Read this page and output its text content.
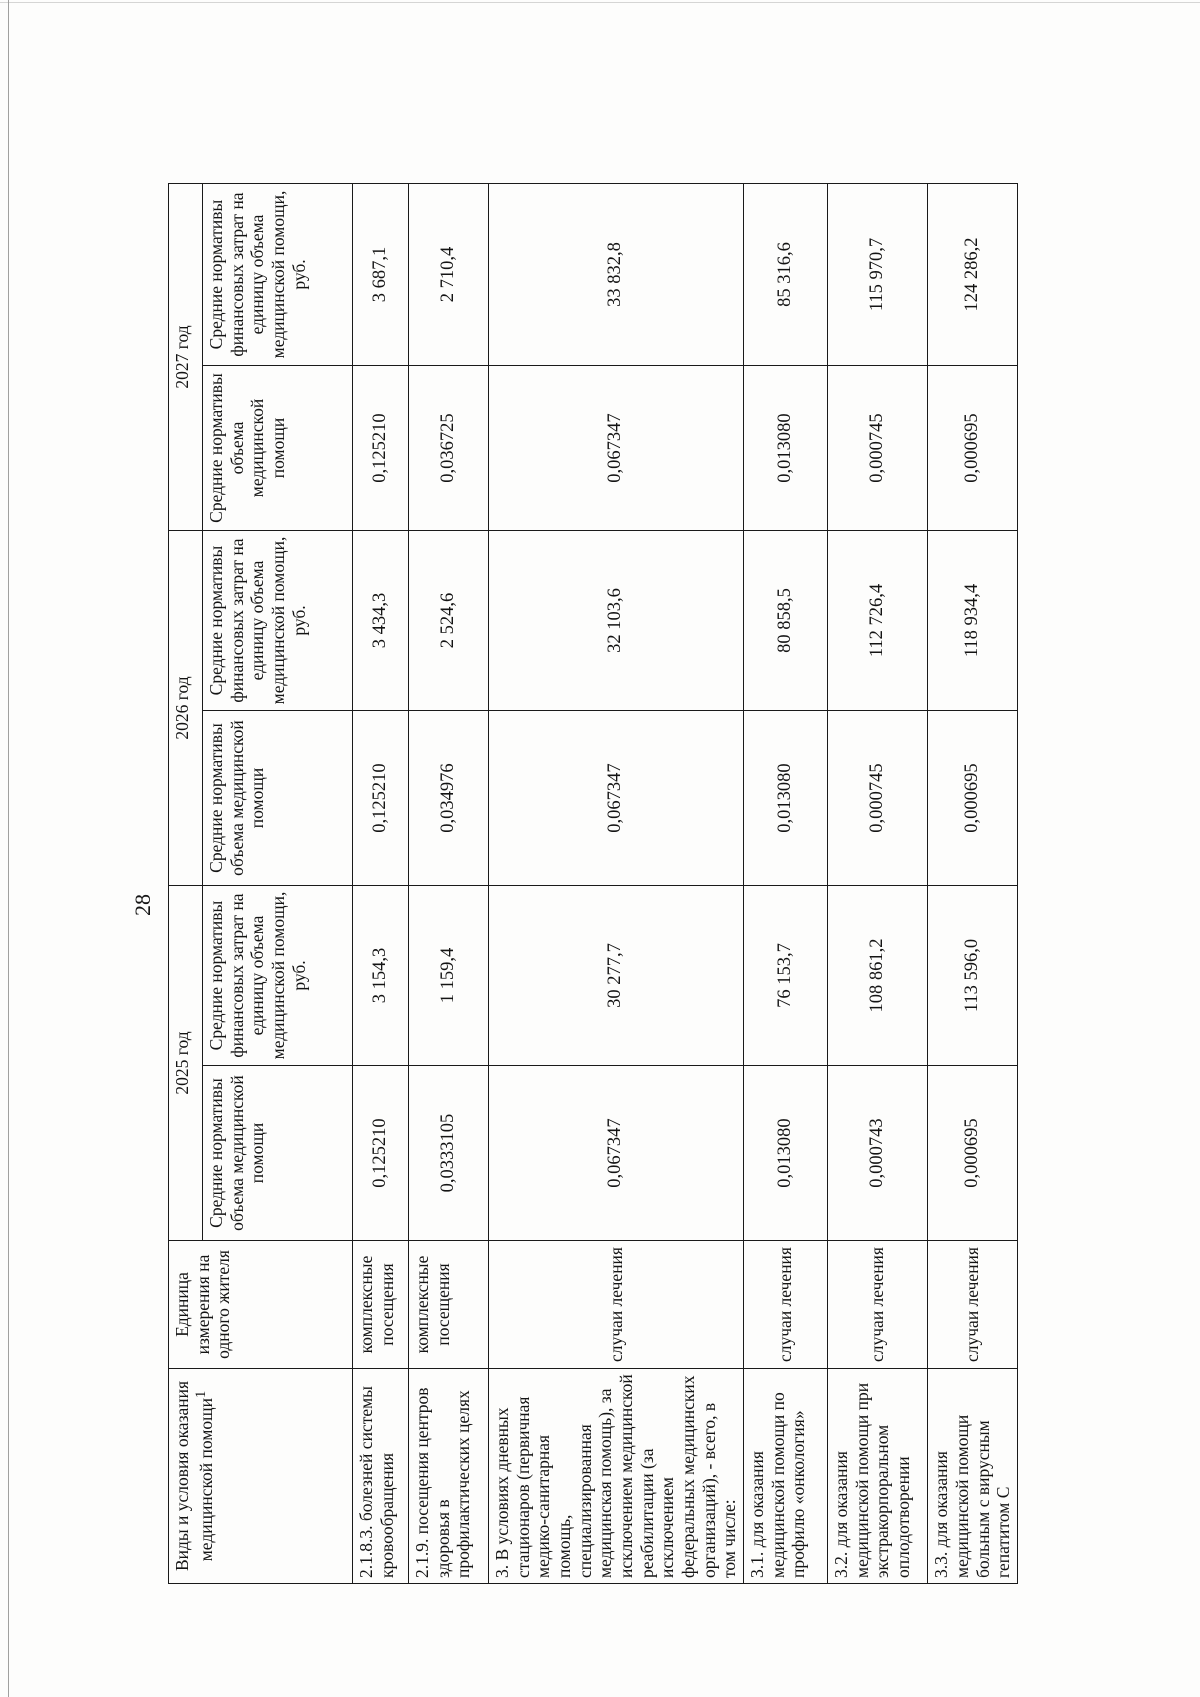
28
Виды и условия оказания медицинской помощи$^1$	Единица измерения на одного жителя	2025 год		2026 год		2027 год	
		Средние нормативы объема медицинской помощи	Средние нормативы финансовых затрат на единицу объема медицинской помощи, руб.	Средние нормативы объема медицинской помощи	Средние нормативы финансовых затрат на единицу объема медицинской помощи, руб.	Средние нормативы объема медицинской помощи	Средние нормативы финансовых затрат на единицу объема медицинской помощи, руб.
2.1.8.3. болезней системы кровообращения	комплексные посещения	0,125210	3 154,3	0,125210	3 434,3	0,125210	3 687,1
2.1.9. посещения центров здоровья в профилактических целях	комплексные посещения	0,0333105	1 159,4	0,034976	2 524,6	0,036725	2 710,4
3. В условиях дневных стационаров (первичная медико-санитарная помощь, специализированная медицинская помощь), за исключением медицинской реабилитации (за исключением федеральных медицинских организаций), - всего, в том числе:	случаи лечения	0,067347	30 277,7	0,067347	32 103,6	0,067347	33 832,8
3.1. для оказания медицинской помощи по профилю «онкология»	случаи лечения	0,013080	76 153,7	0,013080	80 858,5	0,013080	85 316,6
3.2. для оказания медицинской помощи при экстракорпоральном оплодотворении	случаи лечения	0,000743	108 861,2	0,000745	112 726,4	0,000745	115 970,7
3.3. для оказания медицинской помощи больным с вирусным гепатитом С	случаи лечения	0,000695	113 596,0	0,000695	118 934,4	0,000695	124 286,2
